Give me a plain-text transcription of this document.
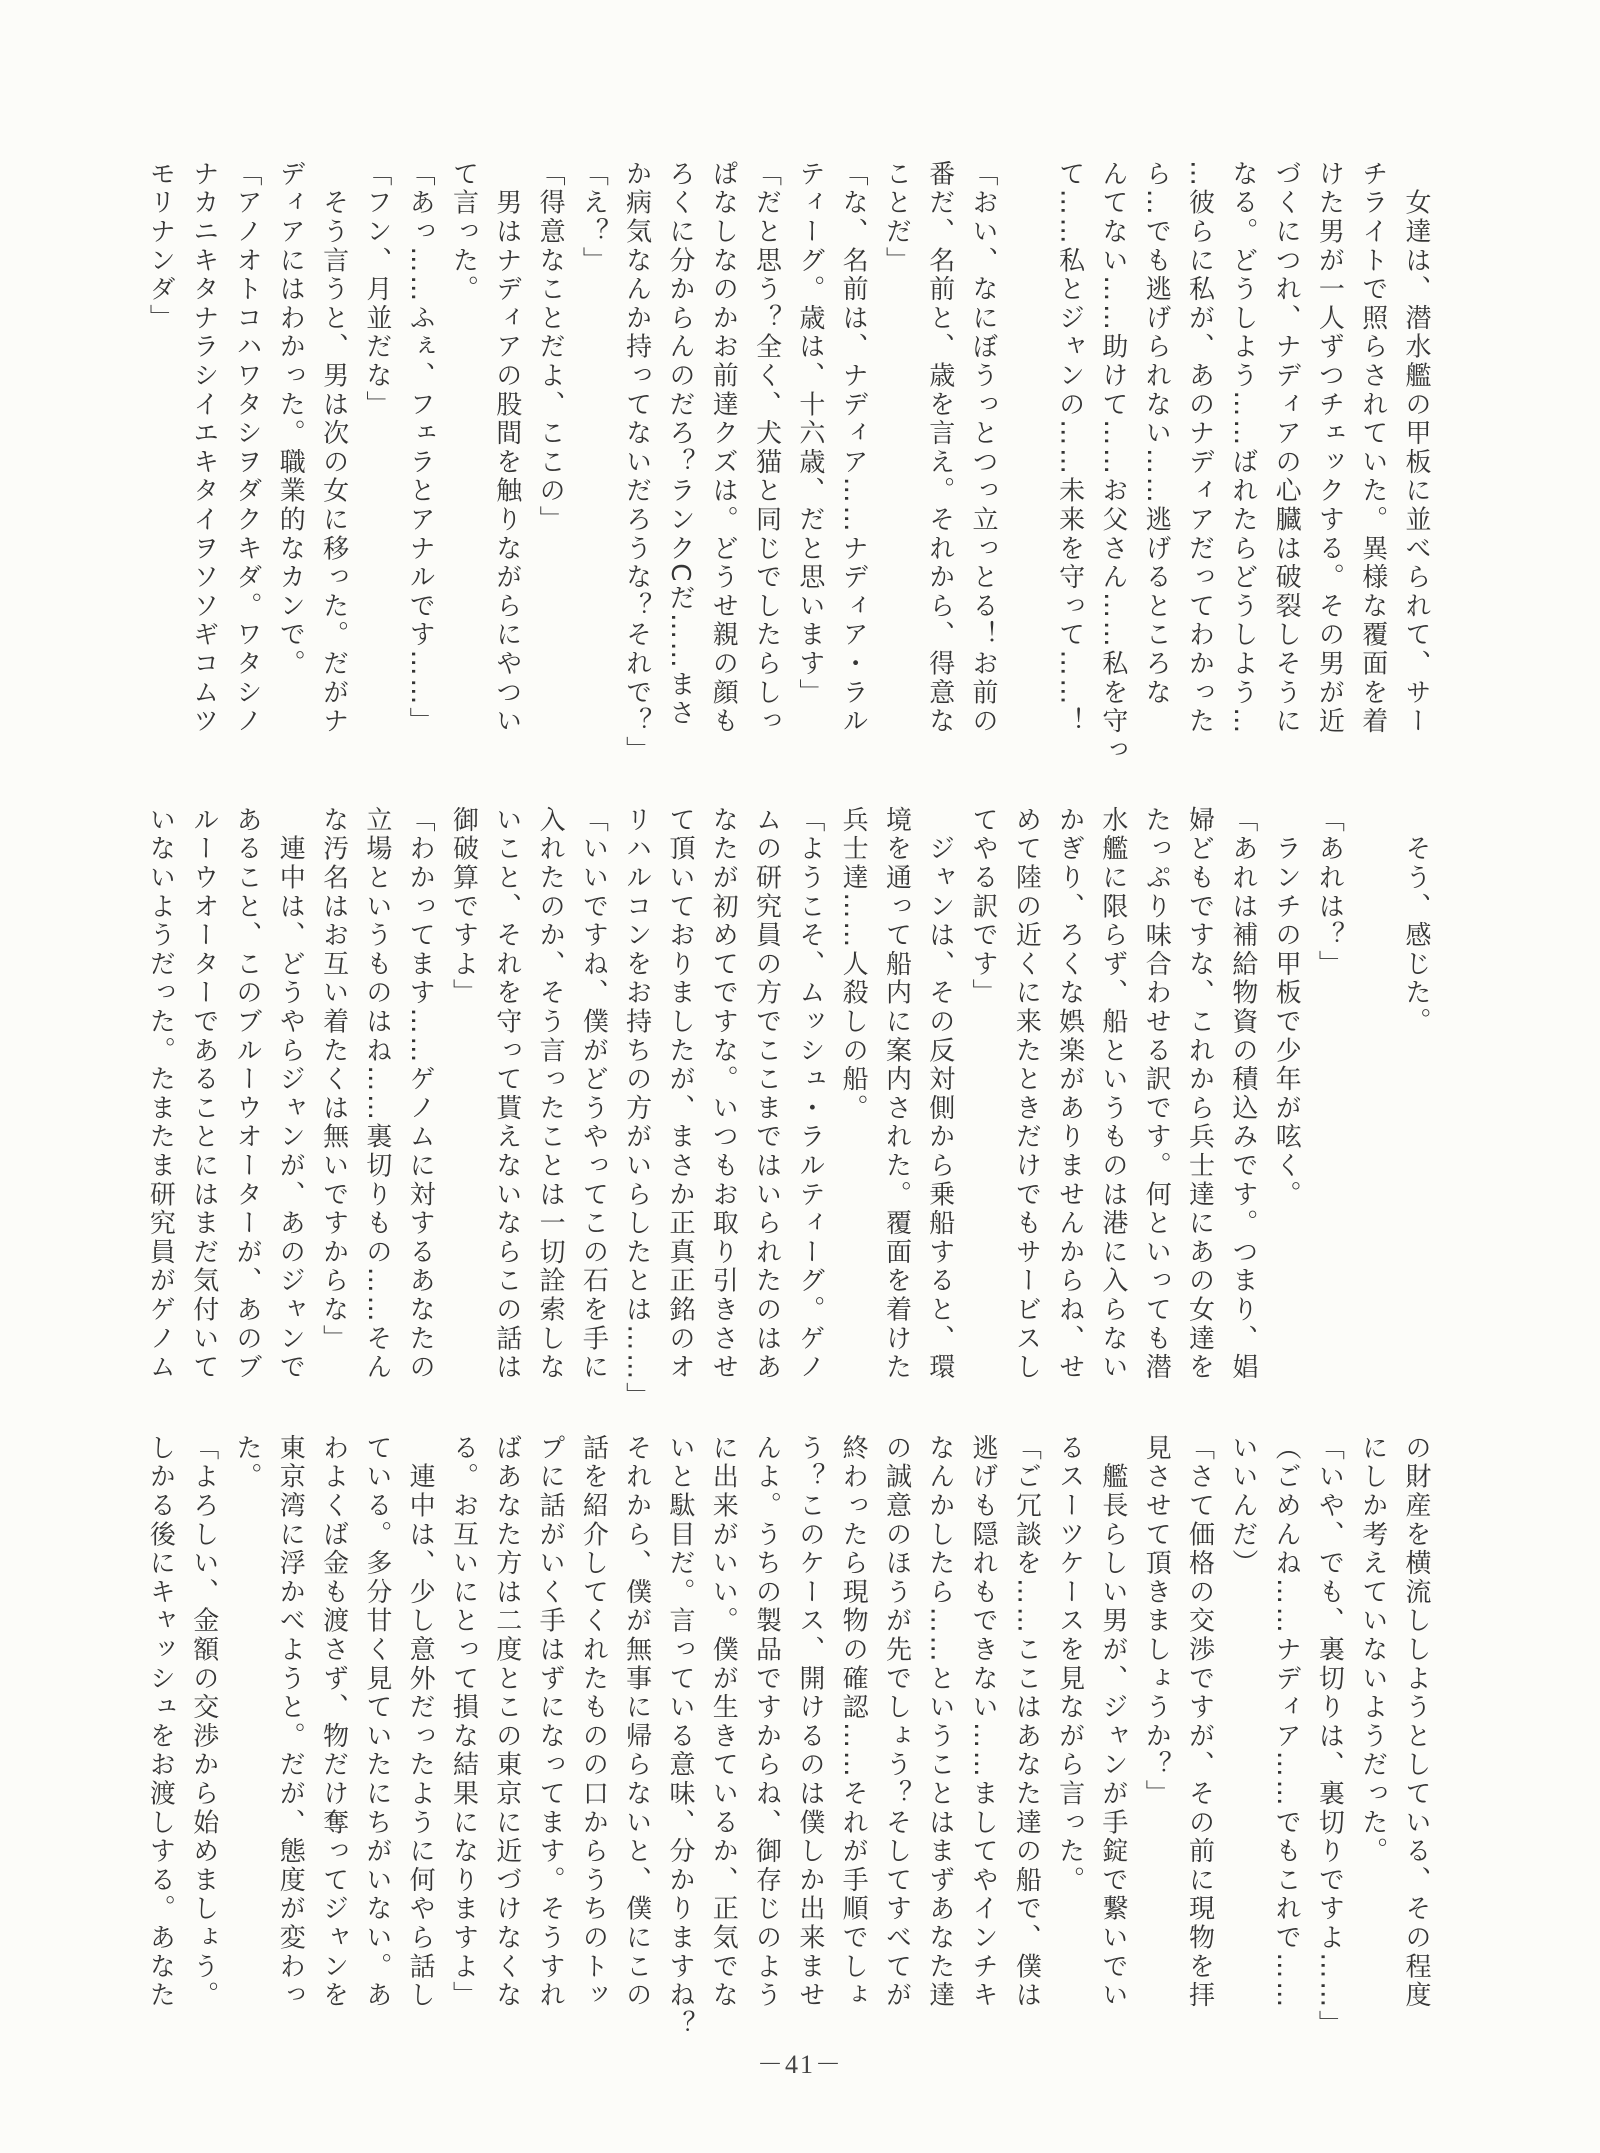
　女達は、潜水艦の甲板に並べられて、サー
チライトで照らされていた。異様な覆面を着
けた男が一人ずつチェックする。その男が近
づくにつれ、ナディアの心臓は破裂しそうに
なる。どうしよう……ばれたらどうしよう…
…彼らに私が、あのナディアだってわかった
ら…でも逃げられない……逃げるところな
んてない……助けて……お父さん……私を守っ
て……私とジャンの……未来を守って……！
「おい、なにぼうっとつっ立っとる！お前の
番だ、名前と、歳を言え。それから、得意な
ことだ」
「な、名前は、ナディア……ナディア・ラル
ティーグ。歳は、十六歳、だと思います」
「だと思う？全く、犬猫と同じでしたらしっ
ぱなしなのかお前達クズは。どうせ親の顔も
ろくに分からんのだろ？ランクCだ……まさ
か病気なんか持ってないだろうな？それで？」
「え？」
「得意なことだよ、ここの」
　男はナディアの股間を触りながらにやつい
て言った。
「あっ……ふぇ、フェラとアナルです……」
「フン、月並だな」
　そう言うと、男は次の女に移った。だがナ
ディアにはわかった。職業的なカンで。
「アノオトコハワタシヲダクキダ。ワタシノ
ナカニキタナラシイエキタイヲソソギコムツ
モリナンダ」
　そう、感じた。
「あれは？」
　ランチの甲板で少年が呟く。
「あれは補給物資の積込みです。つまり、娼
婦どもですな、これから兵士達にあの女達を
たっぷり味合わせる訳です。何といっても潜
水艦に限らず、船というものは港に入らない
かぎり、ろくな娯楽がありませんからね、せ
めて陸の近くに来たときだけでもサービスし
てやる訳です」
　ジャンは、その反対側から乗船すると、環
境を通って船内に案内された。覆面を着けた
兵士達……人殺しの船。
「ようこそ、ムッシュ・ラルティーグ。ゲノ
ムの研究員の方でここまではいられたのはあ
なたが初めてですな。いつもお取り引きさせ
て頂いておりましたが、まさか正真正銘のオ
リハルコンをお持ちの方がいらしたとは……」
「いいですね、僕がどうやってこの石を手に
入れたのか、そう言ったことは一切詮索しな
いこと、それを守って貰えないならこの話は
御破算ですよ」
「わかってます……ゲノムに対するあなたの
立場というものはね……裏切りもの……そん
な汚名はお互い着たくは無いですからな」
　連中は、どうやらジャンが、あのジャンで
あること、このブルーウオーターが、あのブ
ルーウオーターであることにはまだ気付いて
いないようだった。たまたま研究員がゲノム
の財産を横流ししようとしている、その程度
にしか考えていないようだった。
「いや、でも、裏切りは、裏切りですよ……」
（ごめんね……ナディア……でもこれで……
いいんだ）
「さて価格の交渉ですが、その前に現物を拝
見させて頂きましょうか？」
　艦長らしい男が、ジャンが手錠で繋いでい
るスーツケースを見ながら言った。
「ご冗談を……ここはあなた達の船で、僕は
逃げも隠れもできない……ましてやインチキ
なんかしたら……ということはまずあなた達
の誠意のほうが先でしょう？そしてすべてが
終わったら現物の確認……それが手順でしょ
う？このケース、開けるのは僕しか出来ませ
んよ。うちの製品ですからね、御存じのよう
に出来がいい。僕が生きているか、正気でな
いと駄目だ。言っている意味、分かりますね？
それから、僕が無事に帰らないと、僕にこの
話を紹介してくれたものの口からうちのトッ
プに話がいく手はずになってます。そうすれ
ばあなた方は二度とこの東京に近づけなくな
る。お互いにとって損な結果になりますよ」
　連中は、少し意外だったように何やら話し
ている。多分甘く見ていたにちがいない。あ
わよくば金も渡さず、物だけ奪ってジャンを
東京湾に浮かべようと。だが、態度が変わっ
た。
「よろしい、金額の交渉から始めましょう。
しかる後にキャッシュをお渡しする。あなた
－41－
